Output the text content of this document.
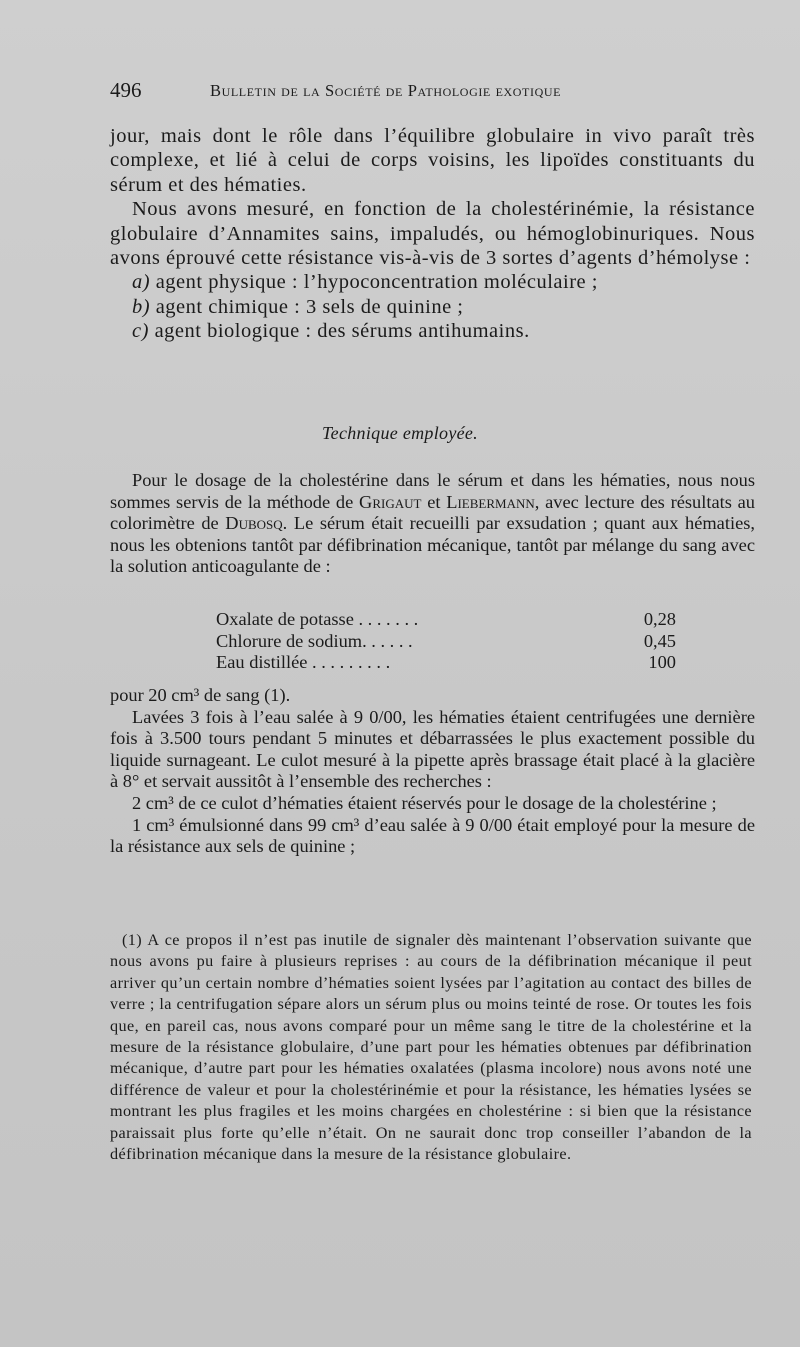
496	Bulletin de la Société de Pathologie exotique

jour, mais dont le rôle dans l’équilibre globulaire in vivo paraît très complexe, et lié à celui de corps voisins, les lipoïdes constituants du sérum et des hématies.

Nous avons mesuré, en fonction de la cholestérinémie, la résistance globulaire d’Annamites sains, impaludés, ou hémoglobinuriques. Nous avons éprouvé cette résistance vis-à-vis de 3 sortes d’agents d’hémolyse :

a) agent physique : l’hypoconcentration moléculaire ;

b) agent chimique : 3 sels de quinine ;

c) agent biologique : des sérums antihumains.

Technique employée.

Pour le dosage de la cholestérine dans le sérum et dans les hématies, nous nous sommes servis de la méthode de Grigaut et Liebermann, avec lecture des résultats au colorimètre de Dubosq. Le sérum était recueilli par exsudation ; quant aux hématies, nous les obtenions tantôt par défibrination mécanique, tantôt par mélange du sang avec la solution anticoagulante de :

Oxalate de potasse . . . . . . .	0,28
Chlorure de sodium. . . . . .	0,45
Eau distillée . . . . . . . . .	100

pour 20 cm³ de sang (1).

Lavées 3 fois à l’eau salée à 9 0/00, les hématies étaient centrifugées une dernière fois à 3.500 tours pendant 5 minutes et débarrassées le plus exactement possible du liquide surnageant. Le culot mesuré à la pipette après brassage était placé à la glacière à 8° et servait aussitôt à l’ensemble des recherches :

2 cm³ de ce culot d’hématies étaient réservés pour le dosage de la cholestérine ;

1 cm³ émulsionné dans 99 cm³ d’eau salée à 9 0/00 était employé pour la mesure de la résistance aux sels de quinine ;

(1) A ce propos il n’est pas inutile de signaler dès maintenant l’observation suivante que nous avons pu faire à plusieurs reprises : au cours de la défibrination mécanique il peut arriver qu’un certain nombre d’hématies soient lysées par l’agitation au contact des billes de verre ; la centrifugation sépare alors un sérum plus ou moins teinté de rose. Or toutes les fois que, en pareil cas, nous avons comparé pour un même sang le titre de la cholestérine et la mesure de la résistance globulaire, d’une part pour les hématies obtenues par défibrination mécanique, d’autre part pour les hématies oxalatées (plasma incolore) nous avons noté une différence de valeur et pour la cholestérinémie et pour la résistance, les hématies lysées se montrant les plus fragiles et les moins chargées en cholestérine : si bien que la résistance paraissait plus forte qu’elle n’était. On ne saurait donc trop conseiller l’abandon de la défibrination mécanique dans la mesure de la résistance globulaire.
